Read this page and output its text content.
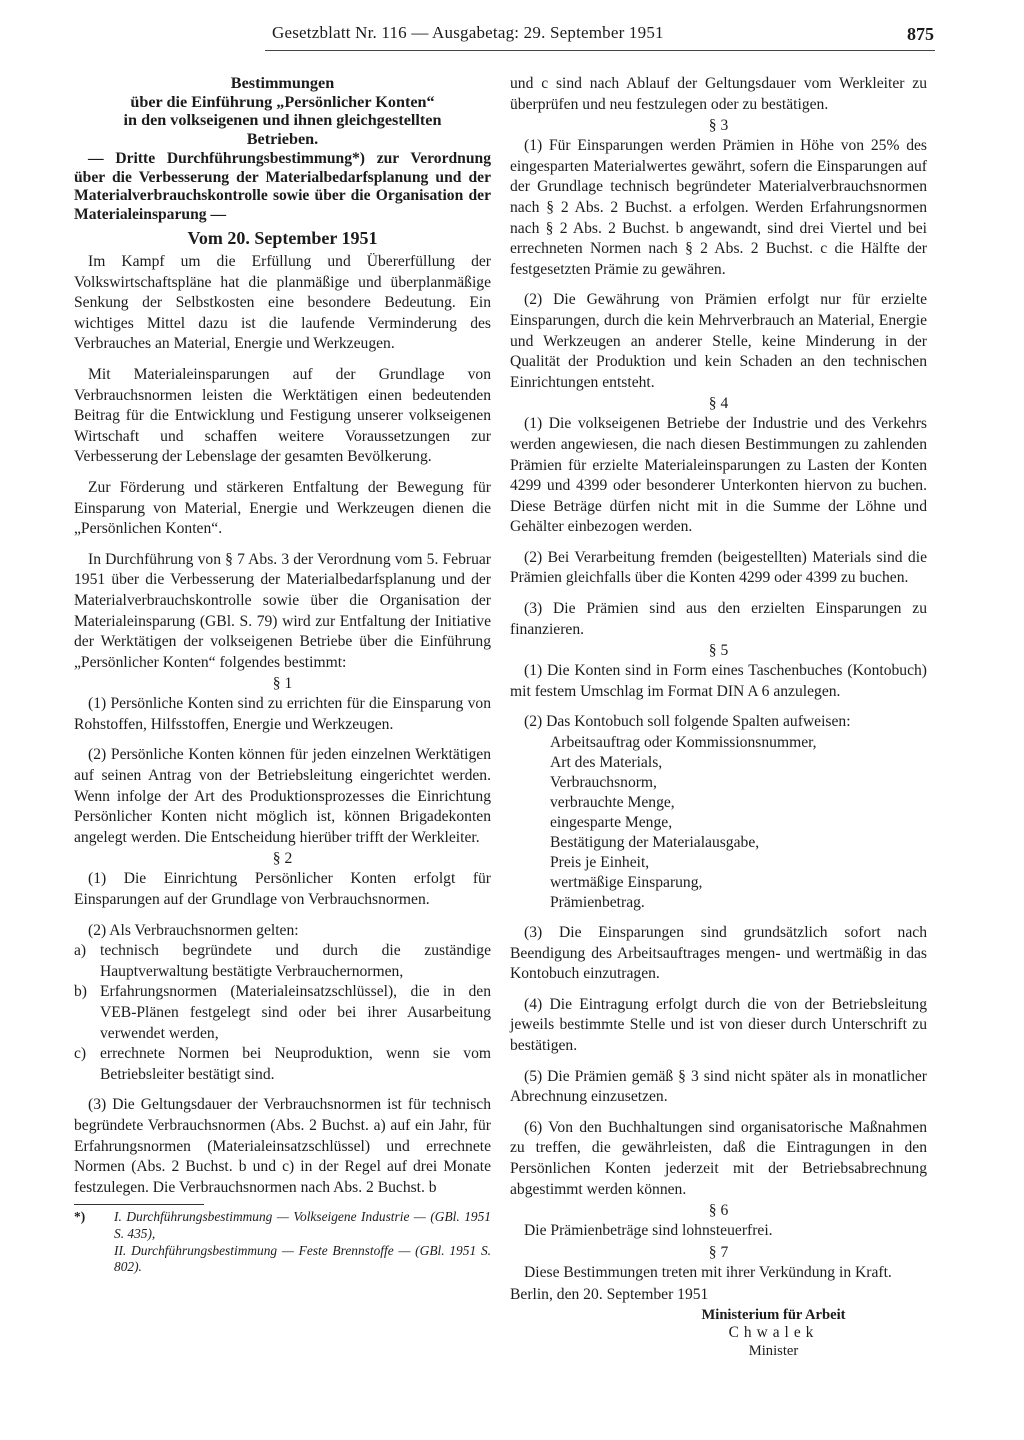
Gesetzblatt Nr. 116 — Ausgabetag: 29. September 1951	875
Bestimmungen
über die Einführung „Persönlicher Konten“
in den volkseigenen und ihnen gleichgestellten
Betrieben.

— Dritte Durchführungsbestimmung*) zur Verordnung über die Verbesserung der Materialbedarfsplanung und der Materialverbrauchskontrolle sowie über die Organisation der Materialeinsparung —

Vom 20. September 1951

Im Kampf um die Erfüllung und Übererfüllung der Volkswirtschaftspläne hat die planmäßige und überplanmäßige Senkung der Selbstkosten eine besondere Bedeutung. Ein wichtiges Mittel dazu ist die laufende Verminderung des Verbrauches an Material, Energie und Werkzeugen.

Mit Materialeinsparungen auf der Grundlage von Verbrauchsnormen leisten die Werktätigen einen bedeutenden Beitrag für die Entwicklung und Festigung unserer volkseigenen Wirtschaft und schaffen weitere Voraussetzungen zur Verbesserung der Lebenslage der gesamten Bevölkerung.

Zur Förderung und stärkeren Entfaltung der Bewegung für Einsparung von Material, Energie und Werkzeugen dienen die „Persönlichen Konten“.

In Durchführung von § 7 Abs. 3 der Verordnung vom 5. Februar 1951 über die Verbesserung der Materialbedarfsplanung und der Materialverbrauchskontrolle sowie über die Organisation der Materialeinsparung (GBl. S. 79) wird zur Entfaltung der Initiative der Werktätigen der volkseigenen Betriebe über die Einführung „Persönlicher Konten“ folgendes bestimmt:

§ 1

(1) Persönliche Konten sind zu errichten für die Einsparung von Rohstoffen, Hilfsstoffen, Energie und Werkzeugen.

(2) Persönliche Konten können für jeden einzelnen Werktätigen auf seinen Antrag von der Betriebsleitung eingerichtet werden. Wenn infolge der Art des Produktionsprozesses die Einrichtung Persönlicher Konten nicht möglich ist, können Brigadekonten angelegt werden. Die Entscheidung hierüber trifft der Werkleiter.

§ 2

(1) Die Einrichtung Persönlicher Konten erfolgt für Einsparungen auf der Grundlage von Verbrauchsnormen.

(2) Als Verbrauchsnormen gelten:

a) technisch begründete und durch die zuständige Hauptverwaltung bestätigte Verbrauchernormen,
b) Erfahrungsnormen (Materialeinsatzschlüssel), die in den VEB-Plänen festgelegt sind oder bei ihrer Ausarbeitung verwendet werden,
c) errechnete Normen bei Neuproduktion, wenn sie vom Betriebsleiter bestätigt sind.

(3) Die Geltungsdauer der Verbrauchsnormen ist für technisch begründete Verbrauchsnormen (Abs. 2 Buchst. a) auf ein Jahr, für Erfahrungsnormen (Materialeinsatzschlüssel) und errechnete Normen (Abs. 2 Buchst. b und c) in der Regel auf drei Monate festzulegen. Die Verbrauchsnormen nach Abs. 2 Buchst. b

*)	I. Durchführungsbestimmung — Volkseigene Industrie — (GBl. 1951 S. 435),
II. Durchführungsbestimmung — Feste Brennstoffe — (GBl. 1951 S. 802).

und c sind nach Ablauf der Geltungsdauer vom Werkleiter zu überprüfen und neu festzulegen oder zu bestätigen.

§ 3

(1) Für Einsparungen werden Prämien in Höhe von 25% des eingesparten Materialwertes gewährt, sofern die Einsparungen auf der Grundlage technisch begründeter Materialverbrauchsnormen nach § 2 Abs. 2 Buchst. a erfolgen. Werden Erfahrungsnormen nach § 2 Abs. 2 Buchst. b angewandt, sind drei Viertel und bei errechneten Normen nach § 2 Abs. 2 Buchst. c die Hälfte der festgesetzten Prämie zu gewähren.

(2) Die Gewährung von Prämien erfolgt nur für erzielte Einsparungen, durch die kein Mehrverbrauch an Material, Energie und Werkzeugen an anderer Stelle, keine Minderung in der Qualität der Produktion und kein Schaden an den technischen Einrichtungen entsteht.

§ 4

(1) Die volkseigenen Betriebe der Industrie und des Verkehrs werden angewiesen, die nach diesen Bestimmungen zu zahlenden Prämien für erzielte Materialeinsparungen zu Lasten der Konten 4299 und 4399 oder besonderer Unterkonten hiervon zu buchen. Diese Beträge dürfen nicht mit in die Summe der Löhne und Gehälter einbezogen werden.

(2) Bei Verarbeitung fremden (beigestellten) Materials sind die Prämien gleichfalls über die Konten 4299 oder 4399 zu buchen.

(3) Die Prämien sind aus den erzielten Einsparungen zu finanzieren.

§ 5

(1) Die Konten sind in Form eines Taschenbuches (Kontobuch) mit festem Umschlag im Format DIN A 6 anzulegen.

(2) Das Kontobuch soll folgende Spalten aufweisen:

Arbeitsauftrag oder Kommissionsnummer,
Art des Materials,
Verbrauchsnorm,
verbrauchte Menge,
eingesparte Menge,
Bestätigung der Materialausgabe,
Preis je Einheit,
wertmäßige Einsparung,
Prämienbetrag.

(3) Die Einsparungen sind grundsätzlich sofort nach Beendigung des Arbeitsauftrages mengen- und wertmäßig in das Kontobuch einzutragen.

(4) Die Eintragung erfolgt durch die von der Betriebsleitung jeweils bestimmte Stelle und ist von dieser durch Unterschrift zu bestätigen.

(5) Die Prämien gemäß § 3 sind nicht später als in monatlicher Abrechnung einzusetzen.

(6) Von den Buchhaltungen sind organisatorische Maßnahmen zu treffen, die gewährleisten, daß die Eintragungen in den Persönlichen Konten jederzeit mit der Betriebsabrechnung abgestimmt werden können.

§ 6

Die Prämienbeträge sind lohnsteuerfrei.

§ 7

Diese Bestimmungen treten mit ihrer Verkündung in Kraft.

Berlin, den 20. September 1951

Ministerium für Arbeit
Chwalek
Minister
